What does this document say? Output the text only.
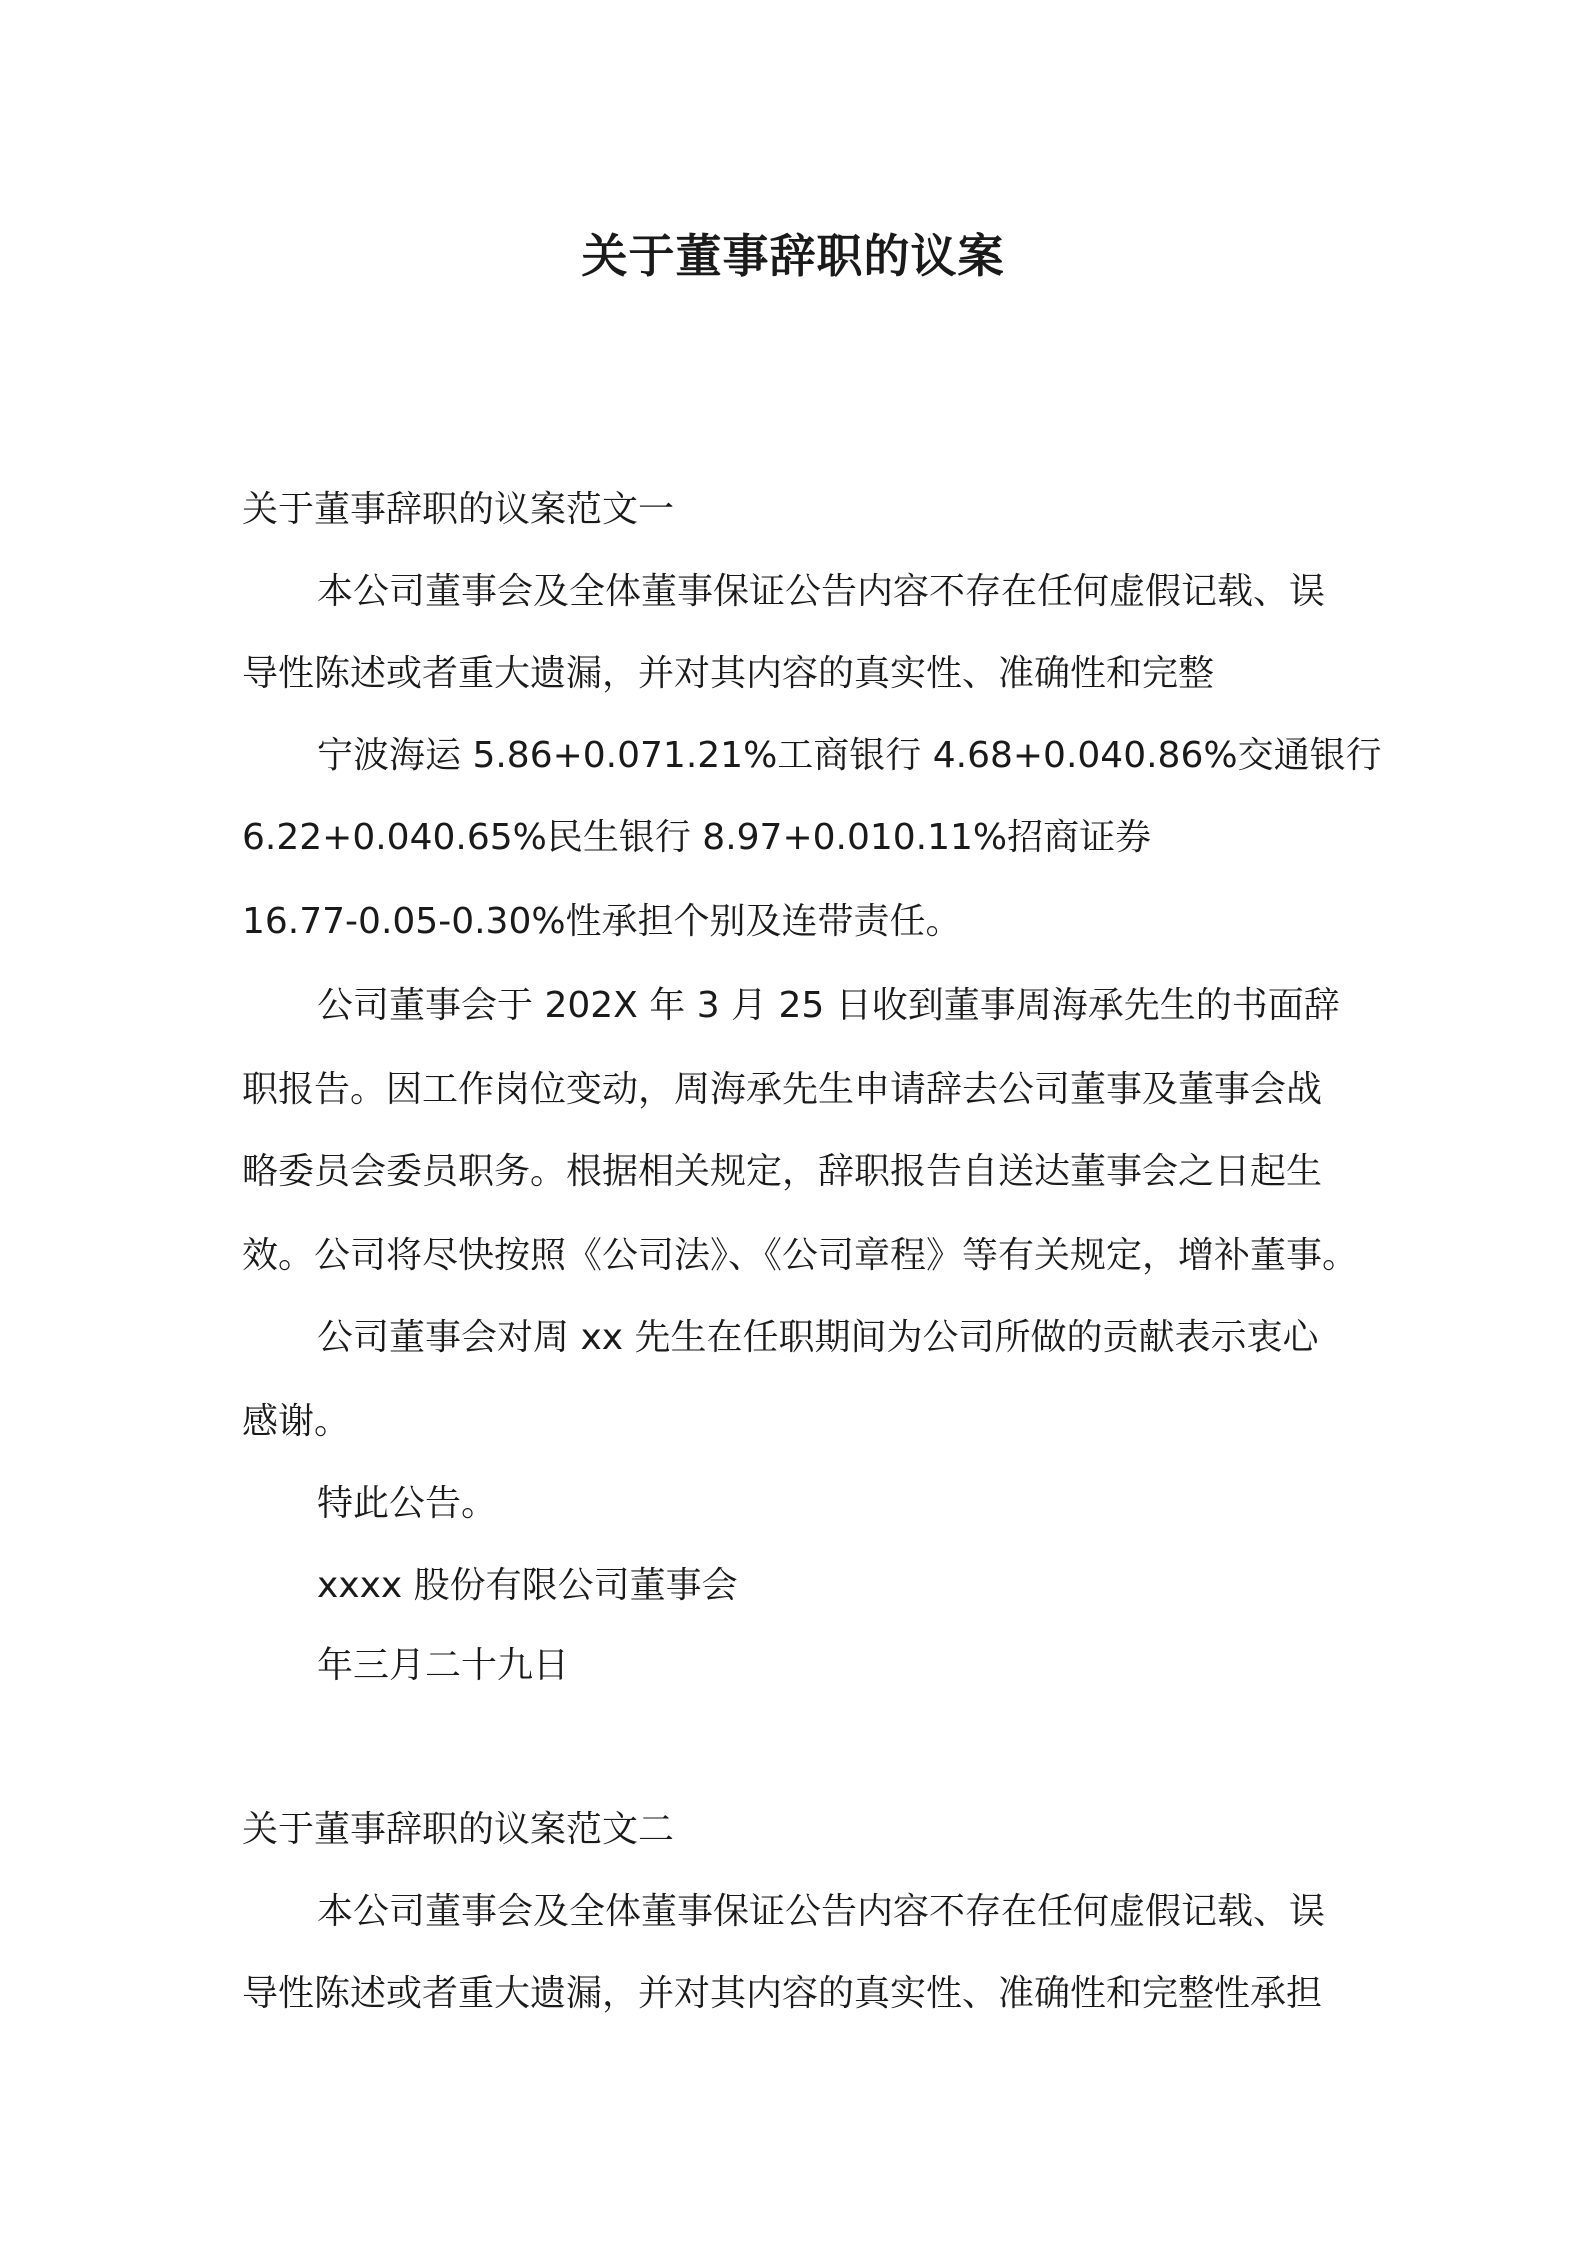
关于董事辞职的议案

关于董事辞职的议案范文一

本公司董事会及全体董事保证公告内容不存在任何虚假记载、误

导性陈述或者重大遗漏，并对其内容的真实性、准确性和完整

宁波海运 5.86+0.071.21%工商银行 4.68+0.040.86%交通银行

6.22+0.040.65%民生银行 8.97+0.010.11%招商证券

16.77-0.05-0.30%性承担个别及连带责任。

公司董事会于 202X 年 3 月 25 日收到董事周海承先生的书面辞

职报告。因工作岗位变动，周海承先生申请辞去公司董事及董事会战

略委员会委员职务。根据相关规定，辞职报告自送达董事会之日起生

效。公司将尽快按照《公司法》、《公司章程》等有关规定，增补董事。

公司董事会对周 xx 先生在任职期间为公司所做的贡献表示衷心

感谢。

特此公告。

xxxx 股份有限公司董事会

年三月二十九日

关于董事辞职的议案范文二

本公司董事会及全体董事保证公告内容不存在任何虚假记载、误

导性陈述或者重大遗漏，并对其内容的真实性、准确性和完整性承担
